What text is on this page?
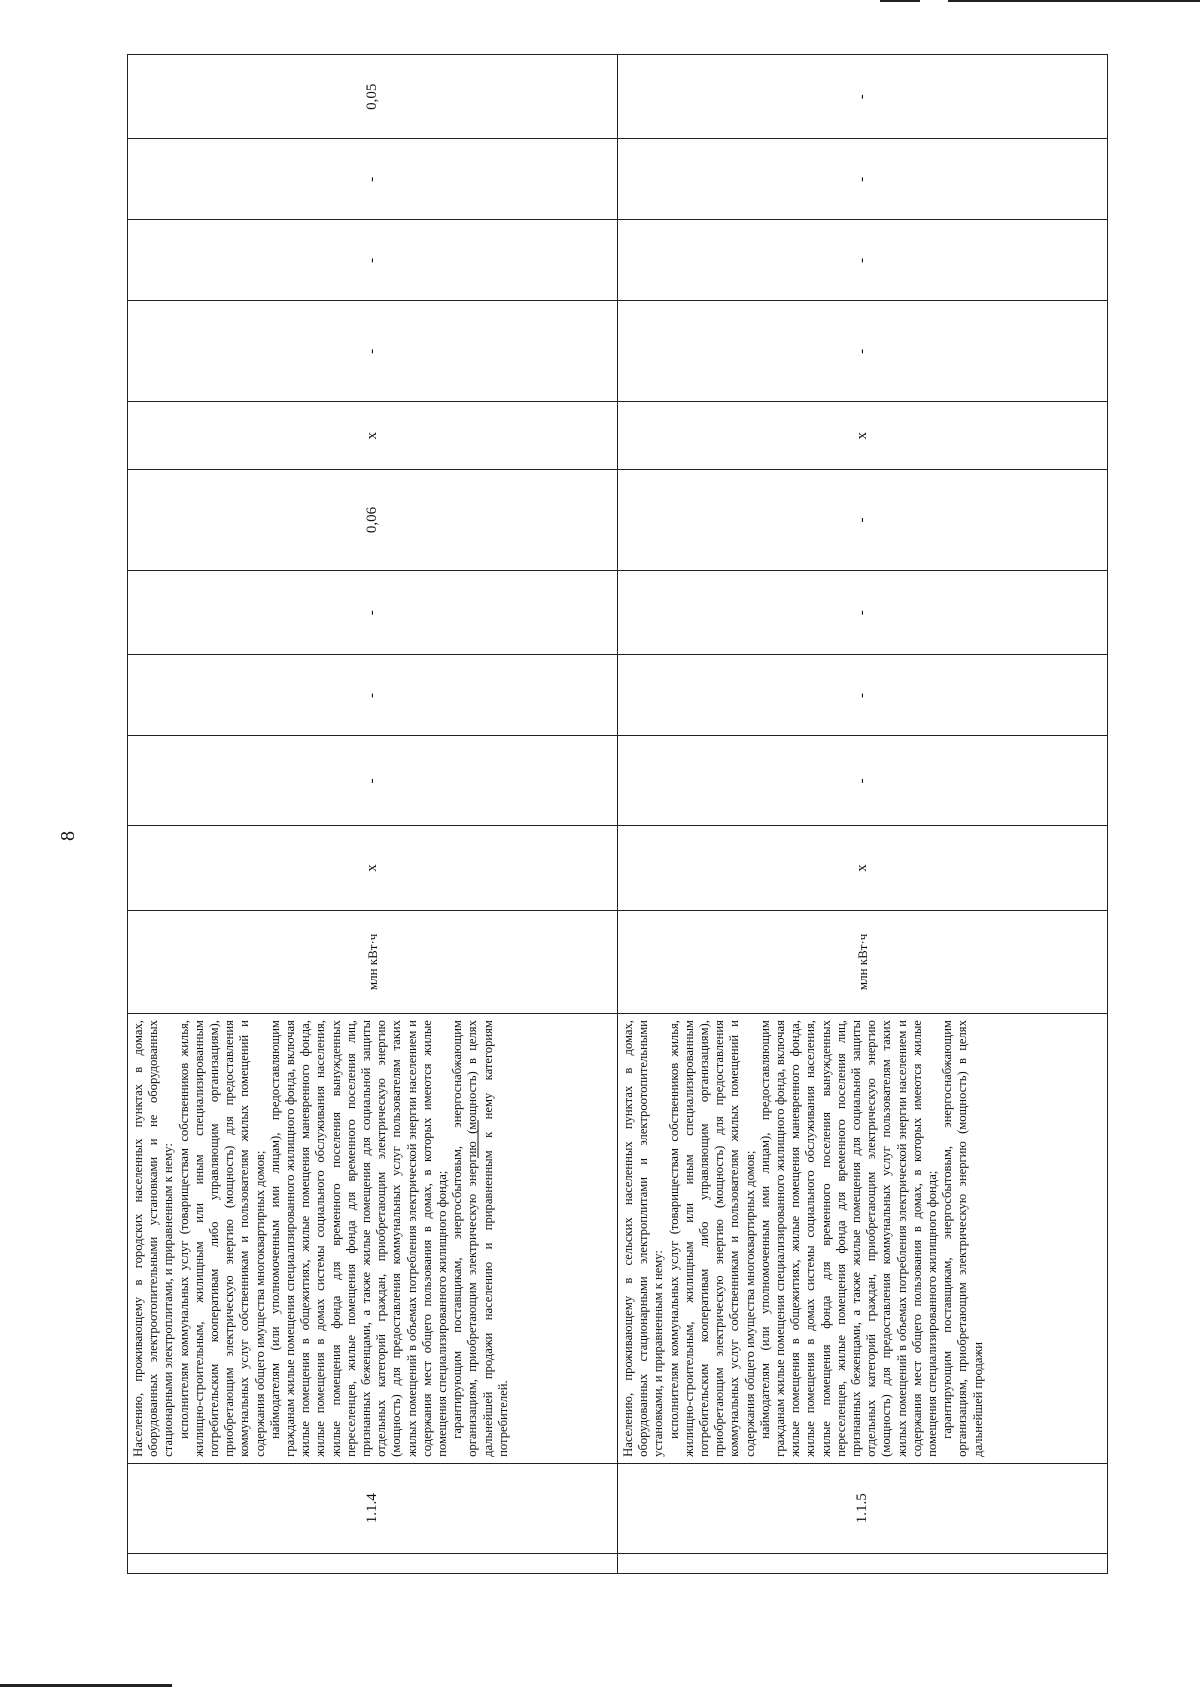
8
	1.1.4	Населению, проживающему в городских населенных пунктах в домах, оборудованных электроотопительными установками и не оборудованных стационарными электроплитами, и приравненным к нему: исполнителям коммунальных услуг (товариществам собственников жилья, жилищно-строительным, жилищным или иным специализированным потребительским кооперативам либо управляющим организациям), приобретающим электрическую энергию (мощность) для предоставления коммунальных услуг собственникам и пользователям жилых помещений и содержания общего имущества многоквартирных домов; наймодателям (или уполномоченным ими лицам), предоставляющим гражданам жилые помещения специализированного жилищного фонда, включая жилые помещения в общежитиях, жилые помещения маневренного фонда, жилые помещения в домах системы социального обслуживания населения, жилые помещения фонда для временного поселения вынужденных переселенцев, жилые помещения фонда для временного поселения лиц, признанных беженцами, а также жилые помещения для социальной защиты отдельных категорий граждан, приобретающим электрическую энергию (мощность) для предоставления коммунальных услуг пользователям таких жилых помещений в объемах потребления электрической энергии населением и содержания мест общего пользования в домах, в которых имеются жилые помещения специализированного жилищного фонда; гарантирующим поставщикам, энергосбытовым, энергоснабжающим организациям, приобретающим электрическую энергию (мощность) в целях дальнейшей продажи населению и приравненным к нему категориям потребителей.	млн кВт·ч	x	-	-	-	0,06	x	-	-	-	0,05
	1.1.5	Населению, проживающему в сельских населенных пунктах в домах, оборудованных стационарными электроплитами и электроотопительными установками, и приравненным к нему: исполнителям коммунальных услуг (товариществам собственников жилья, жилищно-строительным, жилищным или иным специализированным потребительским кооперативам либо управляющим организациям), приобретающим электрическую энергию (мощность) для предоставления коммунальных услуг собственникам и пользователям жилых помещений и содержания общего имущества многоквартирных домов; наймодателям (или уполномоченным ими лицам), предоставляющим гражданам жилые помещения специализированного жилищного фонда, включая жилые помещения в общежитиях, жилые помещения маневренного фонда, жилые помещения в домах системы социального обслуживания населения, жилые помещения фонда для временного поселения вынужденных переселенцев, жилые помещения фонда для временного поселения лиц, признанных беженцами, а также жилые помещения для социальной защиты отдельных категорий граждан, приобретающим электрическую энергию (мощность) для предоставления коммунальных услуг пользователям таких жилых помещений в объемах потребления электрической энергии населением и содержания мест общего пользования в домах, в которых имеются жилые помещения специализированного жилищного фонда; гарантирующим поставщикам, энергосбытовым, энергоснабжающим организациям, приобретающим электрическую энергию (мощность) в целях дальнейшей продажи	млн кВт·ч	x	-	-	-	-	x	-	-	-	-
